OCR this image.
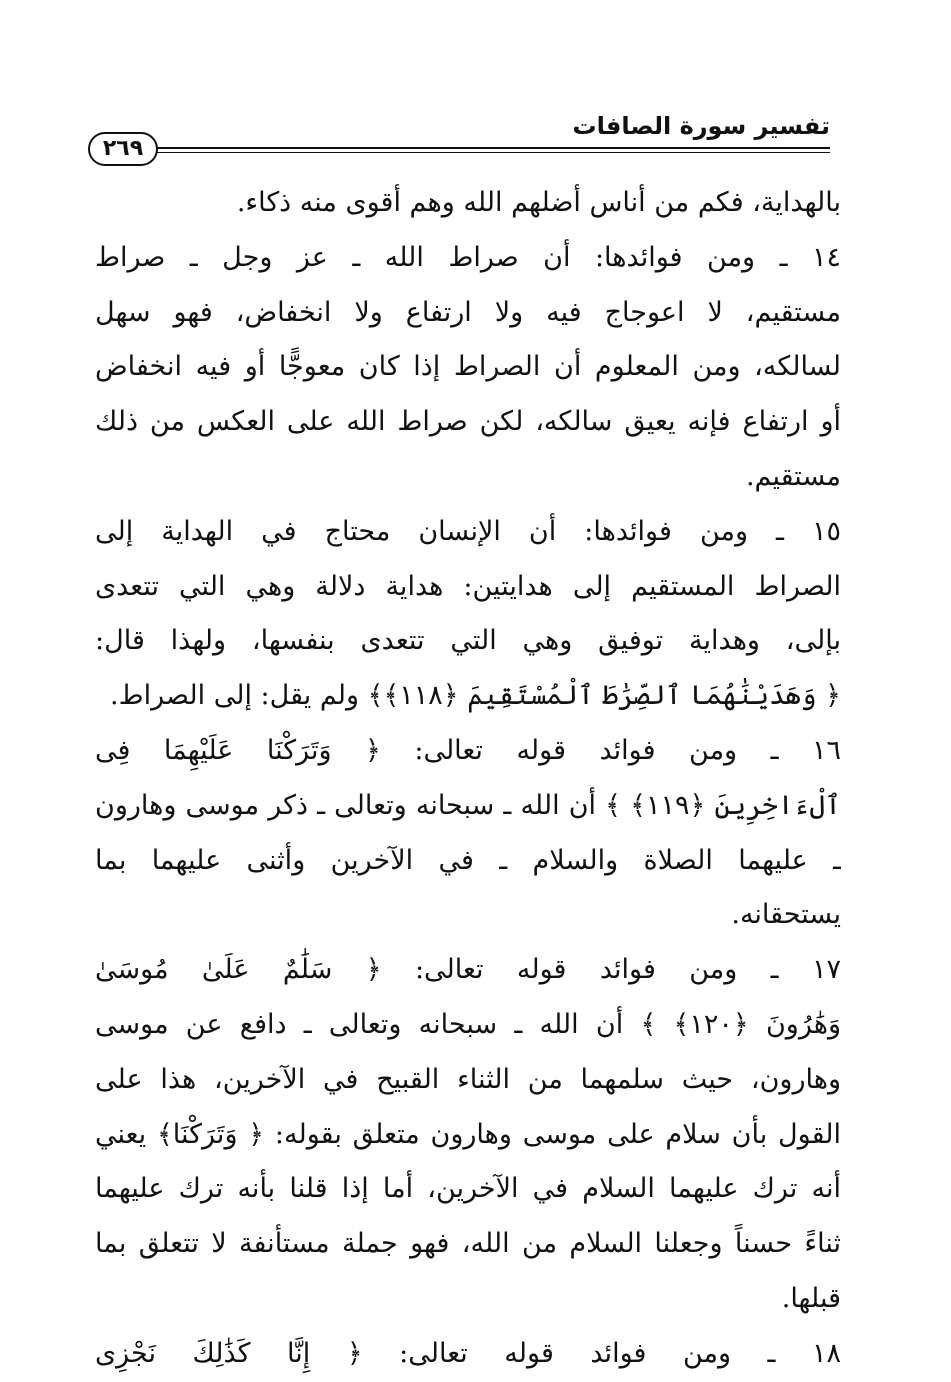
تفسير سورة الصافات
٢٦٩
بالهداية، فكم من أناس أضلهم الله وهم أقوى منه ذكاء.
١٤ ـ ومن فوائدها: أن صراط الله ـ عز وجل ـ صراط
مستقيم، لا اعوجاج فيه ولا ارتفاع ولا انخفاض، فهو سهل
لسالكه، ومن المعلوم أن الصراط إذا كان معوجًّا أو فيه انخفاض
أو ارتفاع فإنه يعيق سالكه، لكن صراط الله على العكس من ذلك
مستقيم.
١٥ ـ ومن فوائدها: أن الإنسان محتاج في الهداية إلى
الصراط المستقيم إلى هدايتين: هداية دلالة وهي التي تتعدى
بإلى، وهداية توفيق وهي التي تتعدى بنفسها، ولهذا قال:
﴿ وَهَدَيْنَٰهُمَا ٱلصِّرَٰطَ ٱلْمُسْتَقِيمَ ﴿١١٨﴾﴾ ولم يقل: إلى الصراط.
١٦ ـ ومن فوائد قوله تعالى: ﴿ وَتَرَكْنَا عَلَيْهِمَا فِى
ٱلْءَاخِرِينَ ﴿١١٩﴾ ﴾ أن الله ـ سبحانه وتعالى ـ ذكر موسى وهارون
ـ عليهما الصلاة والسلام ـ في الآخرين وأثنى عليهما بما
يستحقانه.
١٧ ـ ومن فوائد قوله تعالى: ﴿ سَلَٰمٌ عَلَىٰ مُوسَىٰ
وَهَٰرُونَ ﴿١٢٠﴾ ﴾ أن الله ـ سبحانه وتعالى ـ دافع عن موسى
وهارون، حيث سلمهما من الثناء القبيح في الآخرين، هذا على
القول بأن سلام على موسى وهارون متعلق بقوله: ﴿ وَتَرَكْنَا﴾ يعني
أنه ترك عليهما السلام في الآخرين، أما إذا قلنا بأنه ترك عليهما
ثناءً حسناً وجعلنا السلام من الله، فهو جملة مستأنفة لا تتعلق بما
قبلها.
١٨ ـ ومن فوائد قوله تعالى: ﴿ إِنَّا كَذَٰلِكَ نَجْزِى
